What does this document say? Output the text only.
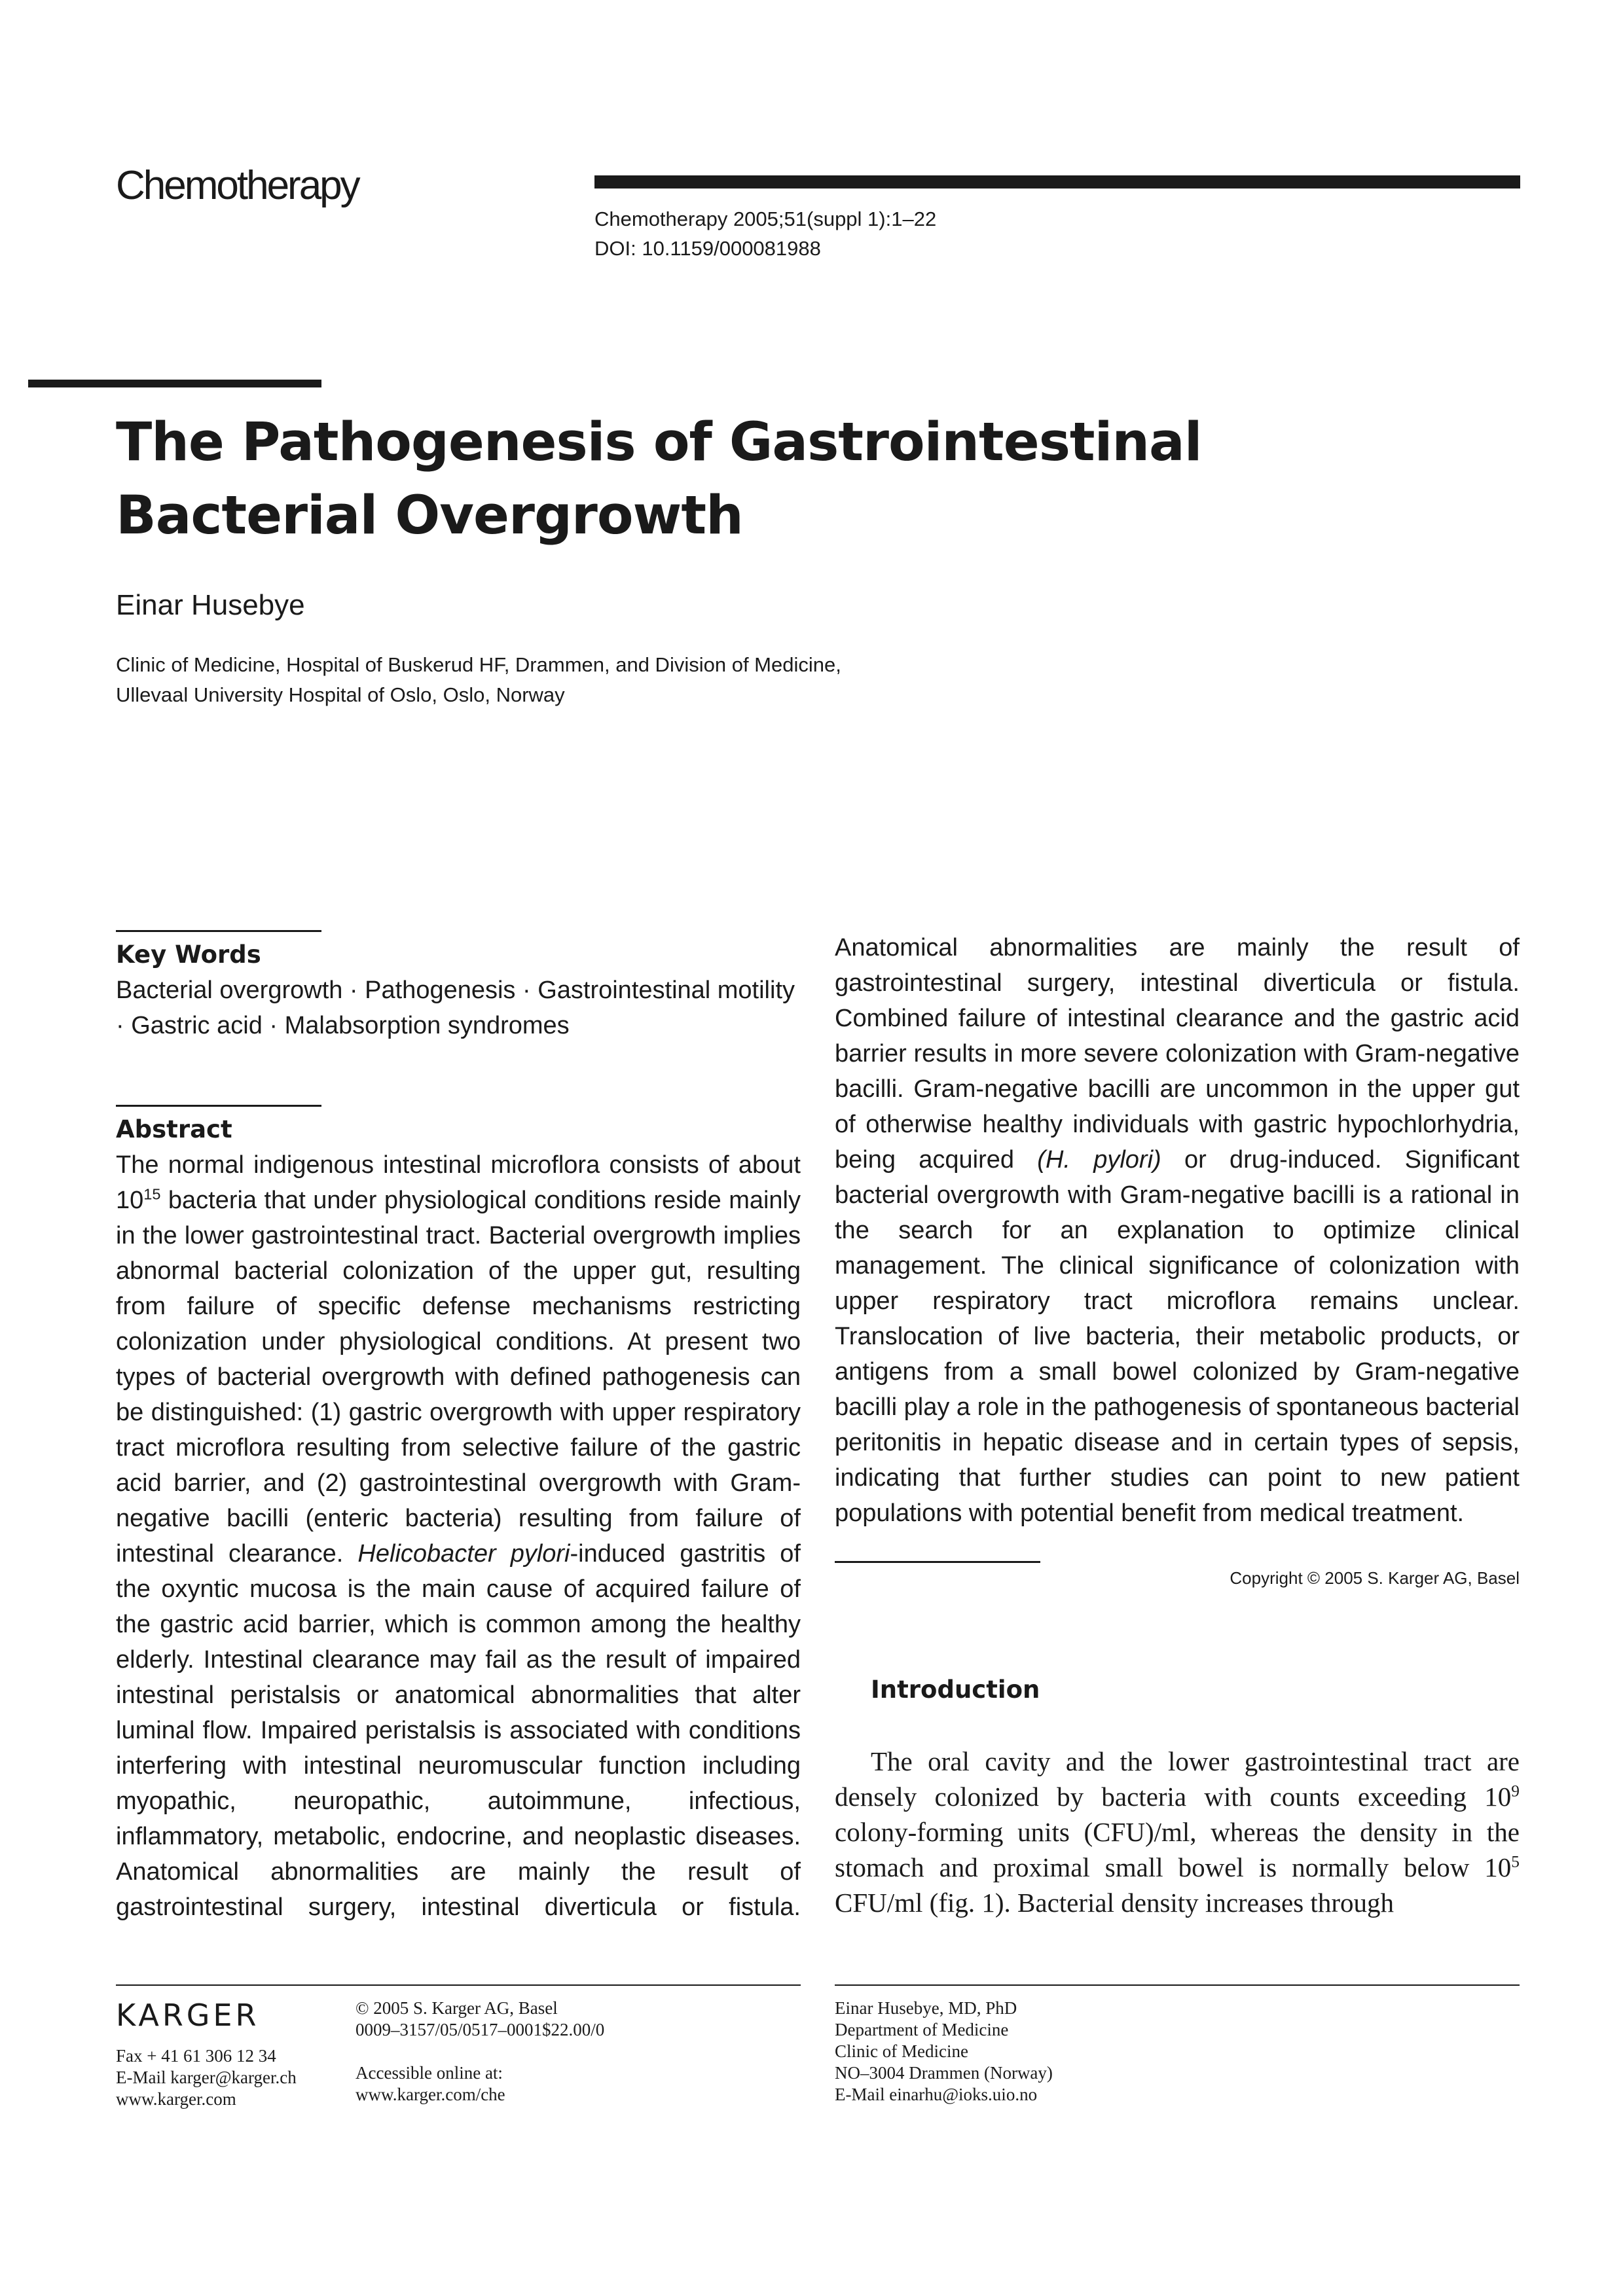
Chemotherapy
Chemotherapy 2005;51(suppl 1):1–22
DOI: 10.1159/000081988
The Pathogenesis of Gastrointestinal
Bacterial Overgrowth
Einar Husebye
Clinic of Medicine, Hospital of Buskerud HF, Drammen, and Division of Medicine,
Ullevaal University Hospital of Oslo, Oslo, Norway
Key Words
Bacterial overgrowth · Pathogenesis · Gastrointestinal motility · Gastric acid · Malabsorption syndromes
Abstract
The normal indigenous intestinal microflora consists of about $10^{15}$ bacteria that under physiological conditions reside mainly in the lower gastrointestinal tract. Bacterial overgrowth implies abnormal bacterial colonization of the upper gut, resulting from failure of specific defense mechanisms restricting colonization under physiological conditions. At present two types of bacterial overgrowth with defined pathogenesis can be distinguished: (1) gastric overgrowth with upper respiratory tract microflora resulting from selective failure of the gastric acid barrier, and (2) gastrointestinal overgrowth with Gram-negative bacilli (enteric bacteria) resulting from failure of intestinal clearance. Helicobacter pylori-induced gastritis of the oxyntic mucosa is the main cause of acquired failure of the gastric acid barrier, which is common among the healthy elderly. Intestinal clearance may fail as the result of impaired intestinal peristalsis or anatomical abnormalities that alter luminal flow. Impaired peristalsis is associated with conditions interfering with intestinal neuromuscular function including myopathic, neuropathic, autoimmune, infectious, inflammatory, metabolic, endocrine, and neoplastic diseases. Anatomical abnormalities are mainly the result of gastrointestinal surgery, intestinal diverticula or fistula.
Anatomical abnormalities are mainly the result of gastrointestinal surgery, intestinal diverticula or fistula. Combined failure of intestinal clearance and the gastric acid barrier results in more severe colonization with Gram-negative bacilli. Gram-negative bacilli are uncommon in the upper gut of otherwise healthy individuals with gastric hypochlorhydria, being acquired (H. pylori) or drug-induced. Significant bacterial overgrowth with Gram-negative bacilli is a rational in the search for an explanation to optimize clinical management. The clinical significance of colonization with upper respiratory tract microflora remains unclear. Translocation of live bacteria, their metabolic products, or antigens from a small bowel colonized by Gram-negative bacilli play a role in the pathogenesis of spontaneous bacterial peritonitis in hepatic disease and in certain types of sepsis, indicating that further studies can point to new patient populations with potential benefit from medical treatment.
Copyright © 2005 S. Karger AG, Basel
Introduction
The oral cavity and the lower gastrointestinal tract are densely colonized by bacteria with counts exceeding $10^9$ colony-forming units (CFU)/ml, whereas the density in the stomach and proximal small bowel is normally below $10^5$ CFU/ml (fig. 1). Bacterial density increases through
KARGER
Fax + 41 61 306 12 34
E-Mail karger@karger.ch
www.karger.com
© 2005 S. Karger AG, Basel
0009–3157/05/0517–0001$22.00/0
Accessible online at:
www.karger.com/che
Einar Husebye, MD, PhD
Department of Medicine
Clinic of Medicine
NO–3004 Drammen (Norway)
E-Mail einarhu@ioks.uio.no
